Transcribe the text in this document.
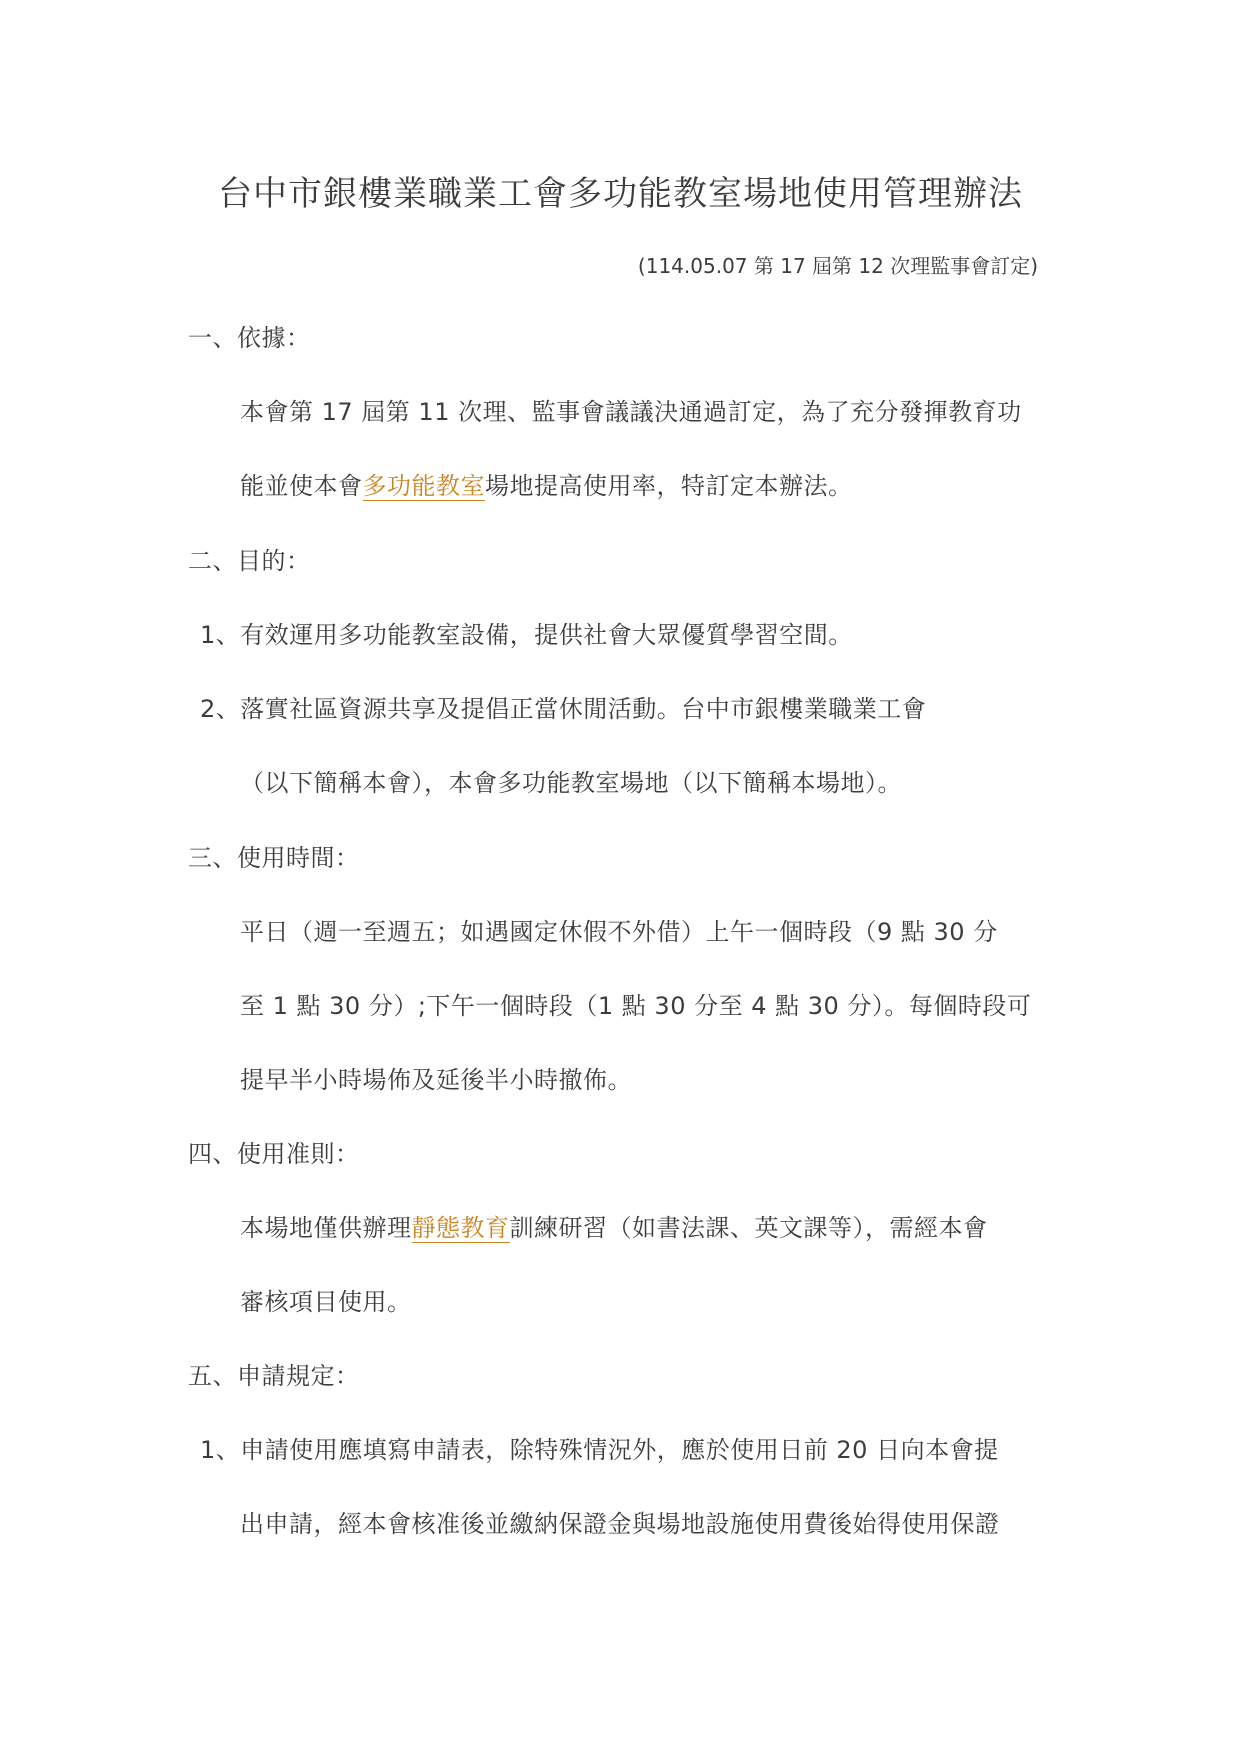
台中市銀樓業職業工會多功能教室場地使用管理辦法
(114.05.07 第 17 屆第 12 次理監事會訂定)
一、依據：
本會第 17 屆第 11 次理、監事會議議決通過訂定，為了充分發揮教育功
能並使本會多功能教室場地提高使用率，特訂定本辦法。
二、目的：
1、有效運用多功能教室設備，提供社會大眾優質學習空間。
2、落實社區資源共享及提倡正當休閒活動。台中市銀樓業職業工會
（以下簡稱本會），本會多功能教室場地（以下簡稱本場地）。
三、使用時間：
平日（週一至週五；如遇國定休假不外借）上午一個時段（9 點 30 分
至 1 點 30 分）;下午一個時段（1 點 30 分至 4 點 30 分）。每個時段可
提早半小時場佈及延後半小時撤佈。
四、使用准則：
本場地僅供辦理靜態教育訓練研習（如書法課、英文課等），需經本會
審核項目使用。
五、申請規定：
1、申請使用應填寫申請表，除特殊情況外，應於使用日前 20 日向本會提
出申請，經本會核准後並繳納保證金與場地設施使用費後始得使用保證
